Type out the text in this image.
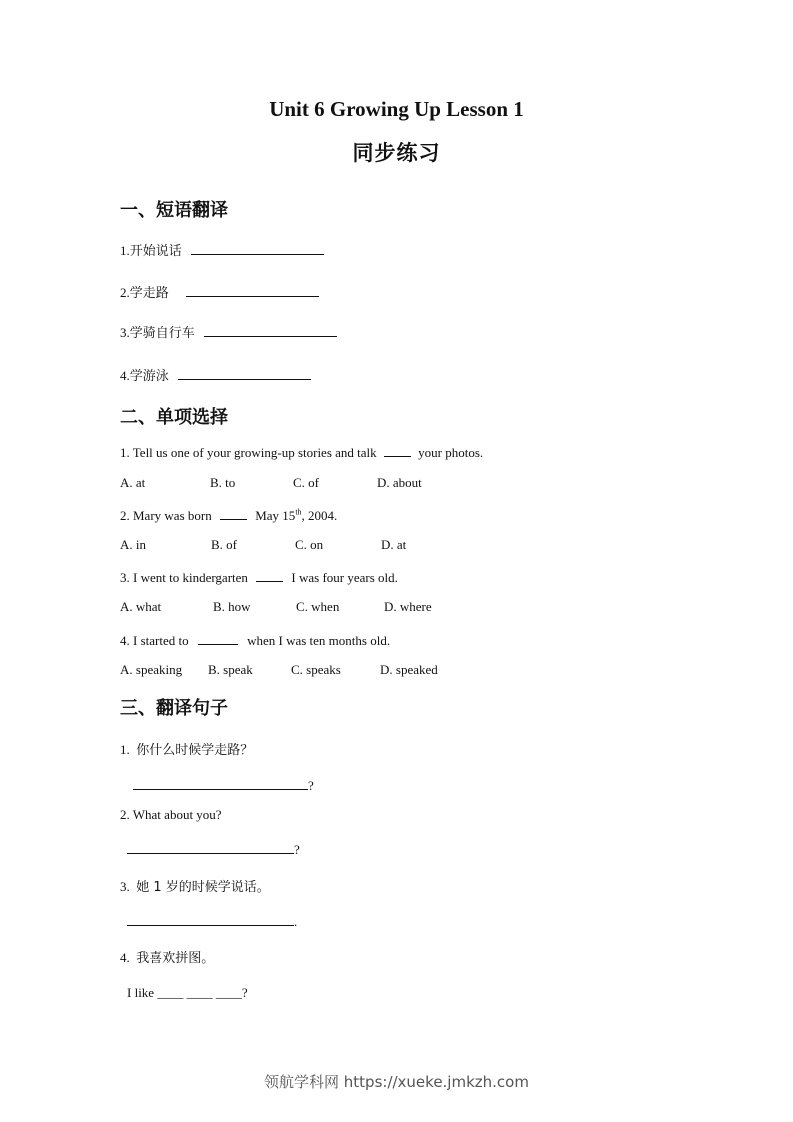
Unit 6 Growing Up Lesson 1
同步练习
一、短语翻译
1.开始说话
2.学走路
3.学骑自行车
4.学游泳
二、单项选择
1. Tell us one of your growing-up stories and talk	your photos.
A. at	B. to	C. of	D. about
2. Mary was born	May 15th, 2004.
A. in	B. of	C. on	D. at
3. I went to kindergarten	I was four years old.
A. what	B. how	C. when	D. where
4. I started to	when I was ten months old.
A. speaking B. speak	C. speaks	D. speaked
三、翻译句子
1. 你什么时候学走路？
?
2. What about you?
?
3. 她 1 岁的时候学说话。
.
4. 我喜欢拼图。
I like ____ ____ ____?
领航学科网 https://xueke.jmkzh.com
